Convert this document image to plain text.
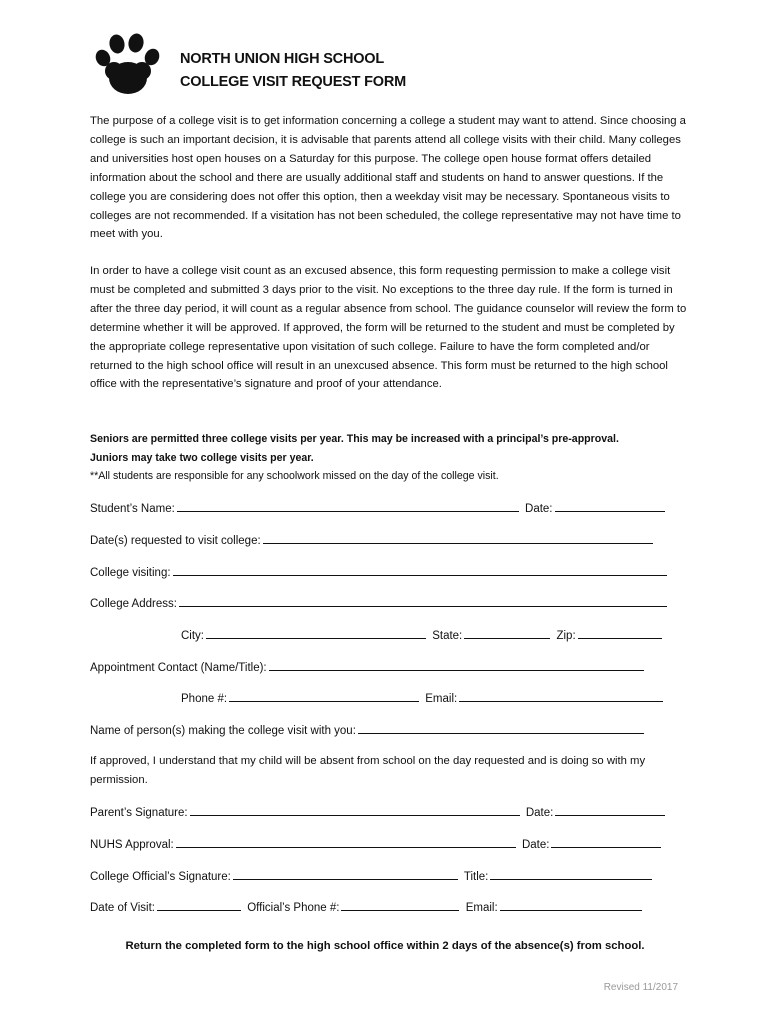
NORTH UNION HIGH SCHOOL
COLLEGE VISIT REQUEST FORM

The purpose of a college visit is to get information concerning a college a student may want to attend. Since choosing a college is such an important decision, it is advisable that parents attend all college visits with their child. Many colleges and universities host open houses on a Saturday for this purpose. The college open house format offers detailed information about the school and there are usually additional staff and students on hand to answer questions. If the college you are considering does not offer this option, then a weekday visit may be necessary. Spontaneous visits to colleges are not recommended. If a visitation has not been scheduled, the college representative may not have time to meet with you.

In order to have a college visit count as an excused absence, this form requesting permission to make a college visit must be completed and submitted 3 days prior to the visit. No exceptions to the three day rule. If the form is turned in after the three day period, it will count as a regular absence from school. The guidance counselor will review the form to determine whether it will be approved. If approved, the form will be returned to the student and must be completed by the appropriate college representative upon visitation of such college. Failure to have the form completed and/or returned to the high school office will result in an unexcused absence. This form must be returned to the high school office with the representative’s signature and proof of your attendance.

Seniors are permitted three college visits per year. This may be increased with a principal’s pre-approval.
Juniors may take two college visits per year.
**All students are responsible for any schoolwork missed on the day of the college visit.
Student’s Name:	Date:
Date(s) requested to visit college:
College visiting:
College Address:
City:	State:	Zip:
Appointment Contact (Name/Title):
Phone #:	Email:
Name of person(s) making the college visit with you:
If approved, I understand that my child will be absent from school on the day requested and is doing so with my permission.
Parent’s Signature:	Date:
NUHS Approval:	Date:
College Official’s Signature:	Title:
Date of Visit:	Official’s Phone #:	Email:
Return the completed form to the high school office within 2 days of the absence(s) from school.
Revised 11/2017
